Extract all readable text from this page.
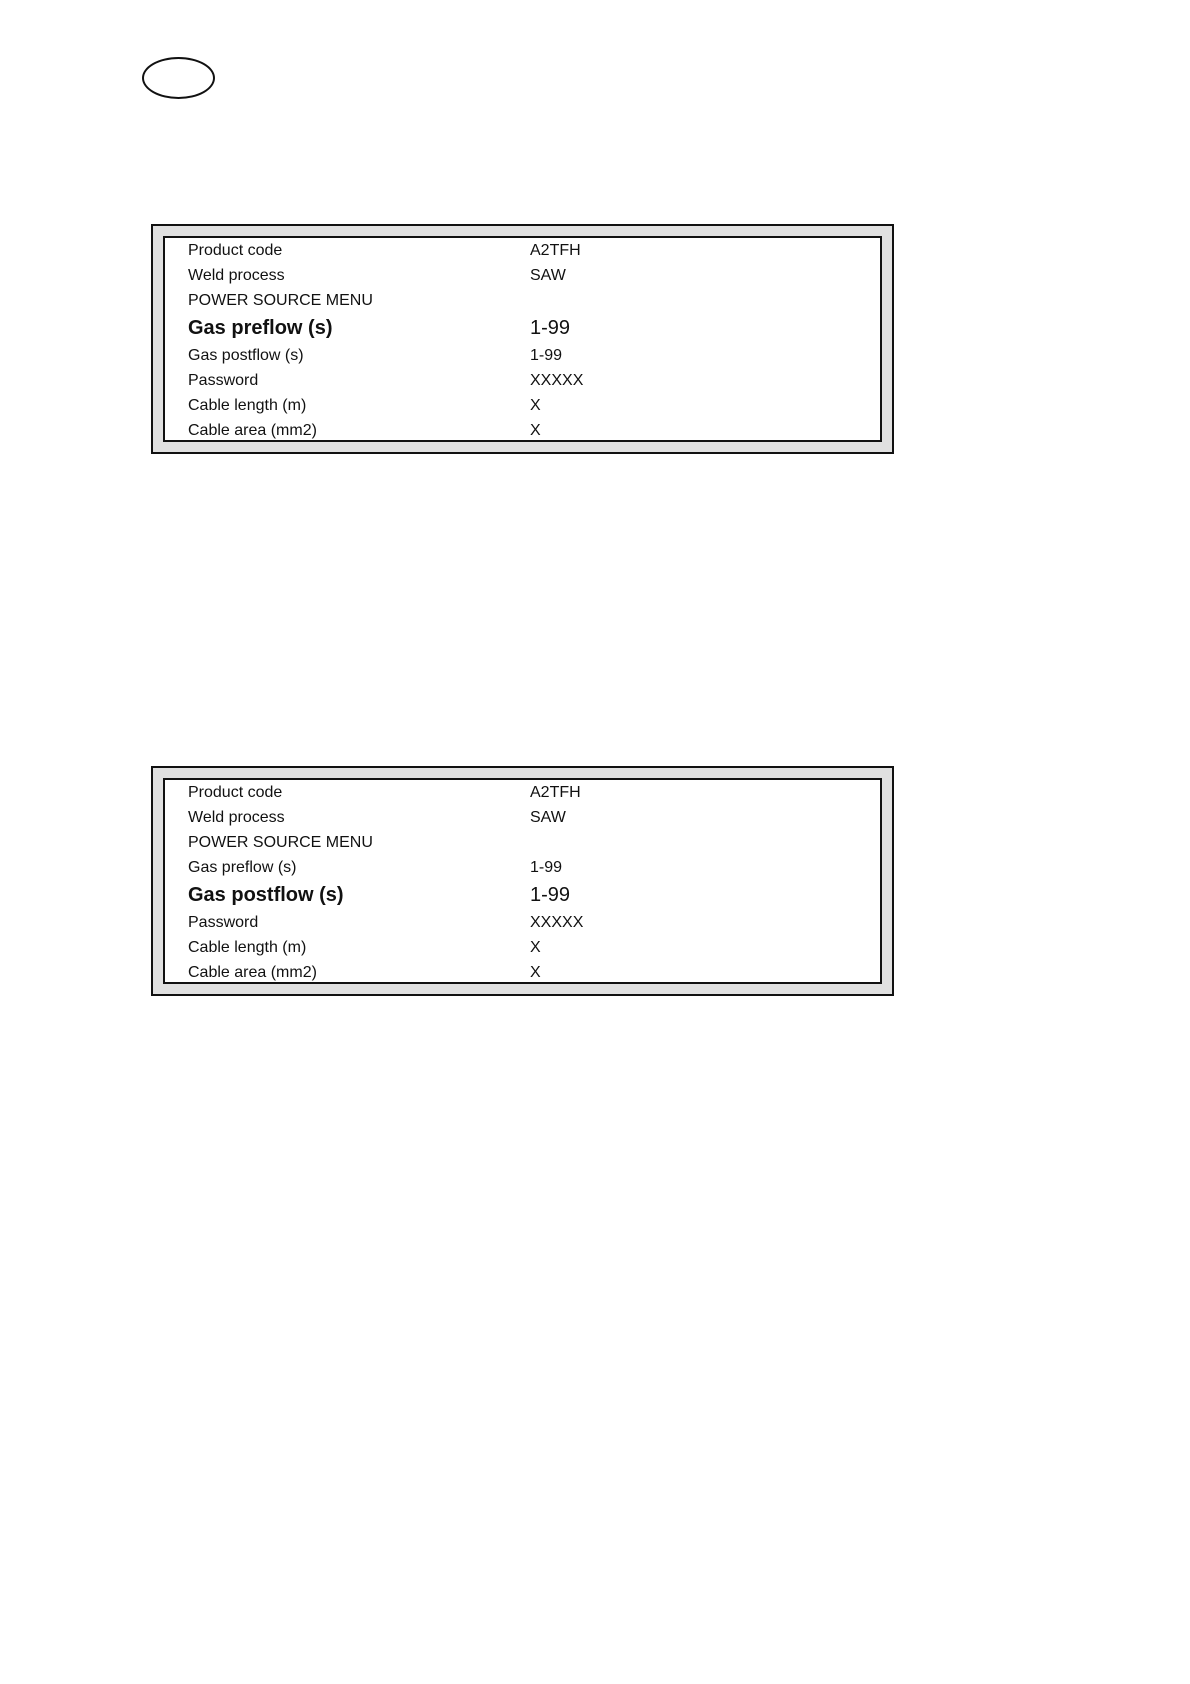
Product code	A2TFH
Weld process	SAW
POWER SOURCE MENU
Gas preflow (s)	1-99
Gas postflow (s)	1-99
Password	XXXXX
Cable length (m)	X
Cable area (mm2)	X
Product code	A2TFH
Weld process	SAW
POWER SOURCE MENU
Gas preflow (s)	1-99
Gas postflow (s)	1-99
Password	XXXXX
Cable length (m)	X
Cable area (mm2)	X
